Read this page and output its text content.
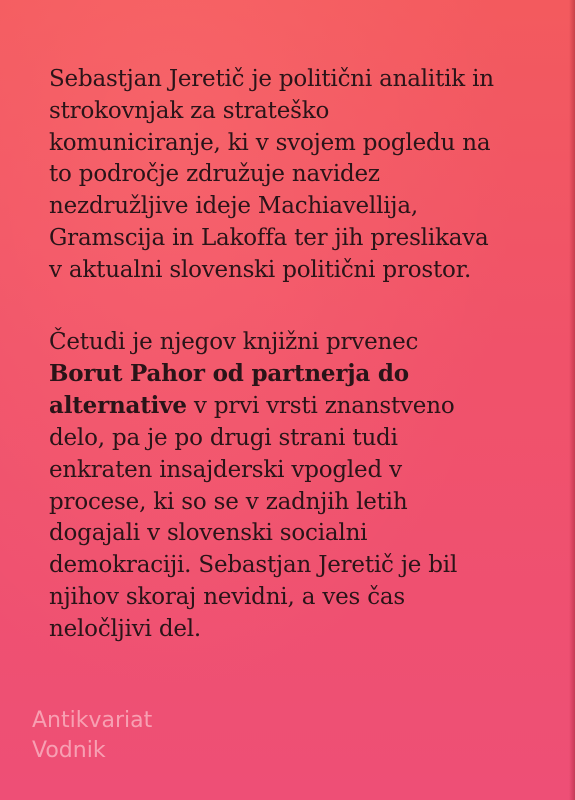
Sebastjan Jeretič je politični analitik in
strokovnjak za strateško
komuniciranje, ki v svojem pogledu na
to področje združuje navidez
nezdružljive ideje Machiavellija,
Gramscija in Lakoffa ter jih preslikava
v aktualni slovenski politični prostor.
Četudi je njegov knjižni prvenec
Borut Pahor od partnerja do
alternative v prvi vrsti znanstveno
delo, pa je po drugi strani tudi
enkraten insajderski vpogled v
procese, ki so se v zadnjih letih
dogajali v slovenski socialni
demokraciji. Sebastjan Jeretič je bil
njihov skoraj nevidni, a ves čas
neločljivi del.
Antikvariat
Vodnik
